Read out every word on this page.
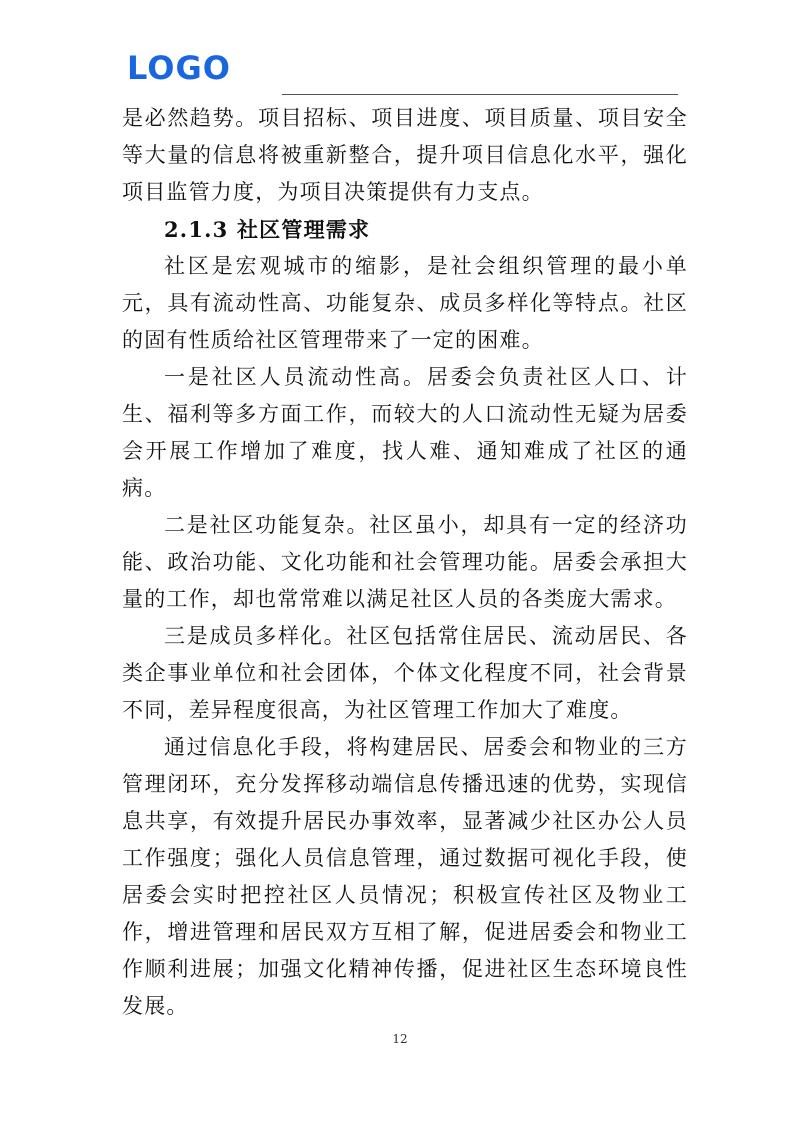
LOGO

是必然趋势。项目招标、项目进度、项目质量、项目安全等大量的信息将被重新整合，提升项目信息化水平，强化项目监管力度，为项目决策提供有力支点。

2.1.3 社区管理需求

社区是宏观城市的缩影，是社会组织管理的最小单元，具有流动性高、功能复杂、成员多样化等特点。社区的固有性质给社区管理带来了一定的困难。

一是社区人员流动性高。居委会负责社区人口、计生、福利等多方面工作，而较大的人口流动性无疑为居委会开展工作增加了难度，找人难、通知难成了社区的通病。

二是社区功能复杂。社区虽小，却具有一定的经济功能、政治功能、文化功能和社会管理功能。居委会承担大量的工作，却也常常难以满足社区人员的各类庞大需求。

三是成员多样化。社区包括常住居民、流动居民、各类企事业单位和社会团体，个体文化程度不同，社会背景不同，差异程度很高，为社区管理工作加大了难度。

通过信息化手段，将构建居民、居委会和物业的三方管理闭环，充分发挥移动端信息传播迅速的优势，实现信息共享，有效提升居民办事效率，显著减少社区办公人员工作强度；强化人员信息管理，通过数据可视化手段，使居委会实时把控社区人员情况；积极宣传社区及物业工作，增进管理和居民双方互相了解，促进居委会和物业工作顺利进展；加强文化精神传播，促进社区生态环境良性发展。

12
